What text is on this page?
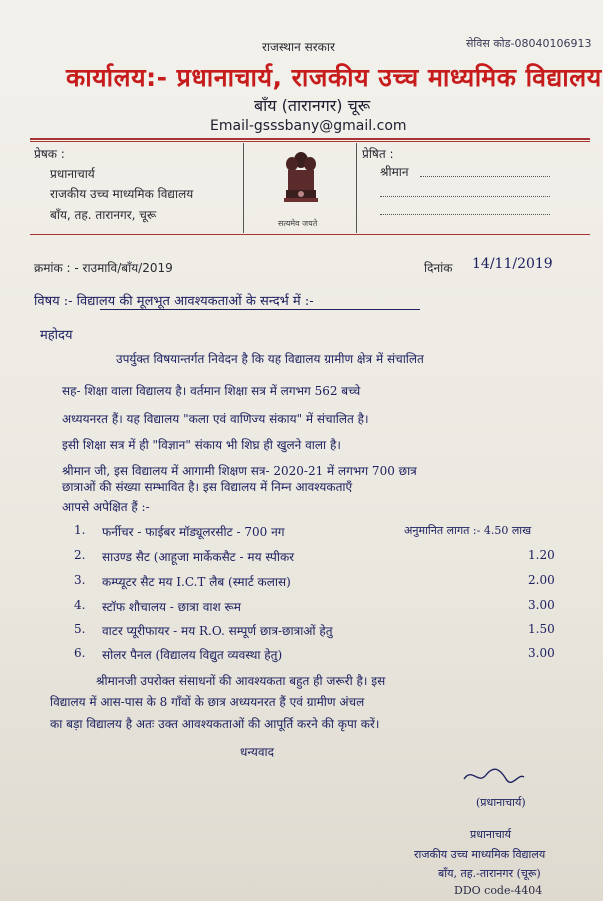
राजस्थान सरकार	सेविस कोड-08040106913
कार्यालय:- प्रधानाचार्य, राजकीय उच्च माध्यमिक विद्यालय
बाँय (तारानगर) चूरू
Email-gsssbany@gmail.com
प्रेषक :
प्रधानाचार्य
राजकीय उच्च माध्यमिक विद्यालय
बाँय, तह. तारानगर, चूरू
सत्यमेव जयते
प्रेषित :
श्रीमान
क्रमांक : - राउमावि/बाँय/2019	दिनांक 14/11/2019
विषय :- विद्यालय की मूलभूत आवश्यकताओं के सन्दर्भ में :-
महोदय
उपर्युक्त विषयान्तर्गत निवेदन है कि यह विद्यालय ग्रामीण क्षेत्र में संचालित
सह- शिक्षा वाला विद्यालय है। वर्तमान शिक्षा सत्र में लगभग 562 बच्चे
अध्ययनरत हैं। यह विद्यालय "कला एवं वाणिज्य संकाय" में संचालित है।
इसी शिक्षा सत्र में ही "विज्ञान" संकाय भी शिघ्र ही खुलने वाला है।
श्रीमान जी, इस विद्यालय में आगामी शिक्षण सत्र- 2020-21 में लगभग 700 छात्र
छात्राओं की संख्या सम्भावित है। इस विद्यालय में निम्न आवश्यकताएँ
आपसे अपेक्षित हैं :-
1. फर्नीचर - फाईबर मॉड्यूलरसीट - 700 नग	अनुमानित लागत :- 4.50 लाख
2. साउण्ड सैट (आहूजा मार्केकसैट - मय स्पीकर	1.20
3. कम्प्यूटर सैट मय I.C.T लैब (स्मार्ट कलास)	2.00
4. स्टॉफ शौचालय - छात्रा वाश रूम	3.00
5. वाटर प्यूरीफायर - मय R.O. सम्पूर्ण छात्र-छात्राओं हेतु	1.50
6. सोलर पैनल (विद्यालय विद्युत व्यवस्था हेतु)	3.00
श्रीमानजी उपरोक्त संसाधनों की आवश्यकता बहुत ही जरूरी है। इस
विद्यालय में आस-पास के 8 गाँवों के छात्र अध्ययनरत हैं एवं ग्रामीण अंचल
का बड़ा विद्यालय है अतः उक्त आवश्यकताओं की आपूर्ति करने की कृपा करें।
धन्यवाद
(प्रधानाचार्य)
प्रधानाचार्य
राजकीय उच्च माध्यमिक विद्यालय
बाँय, तह.-तारानगर (चूरू)
DDO code-4404
